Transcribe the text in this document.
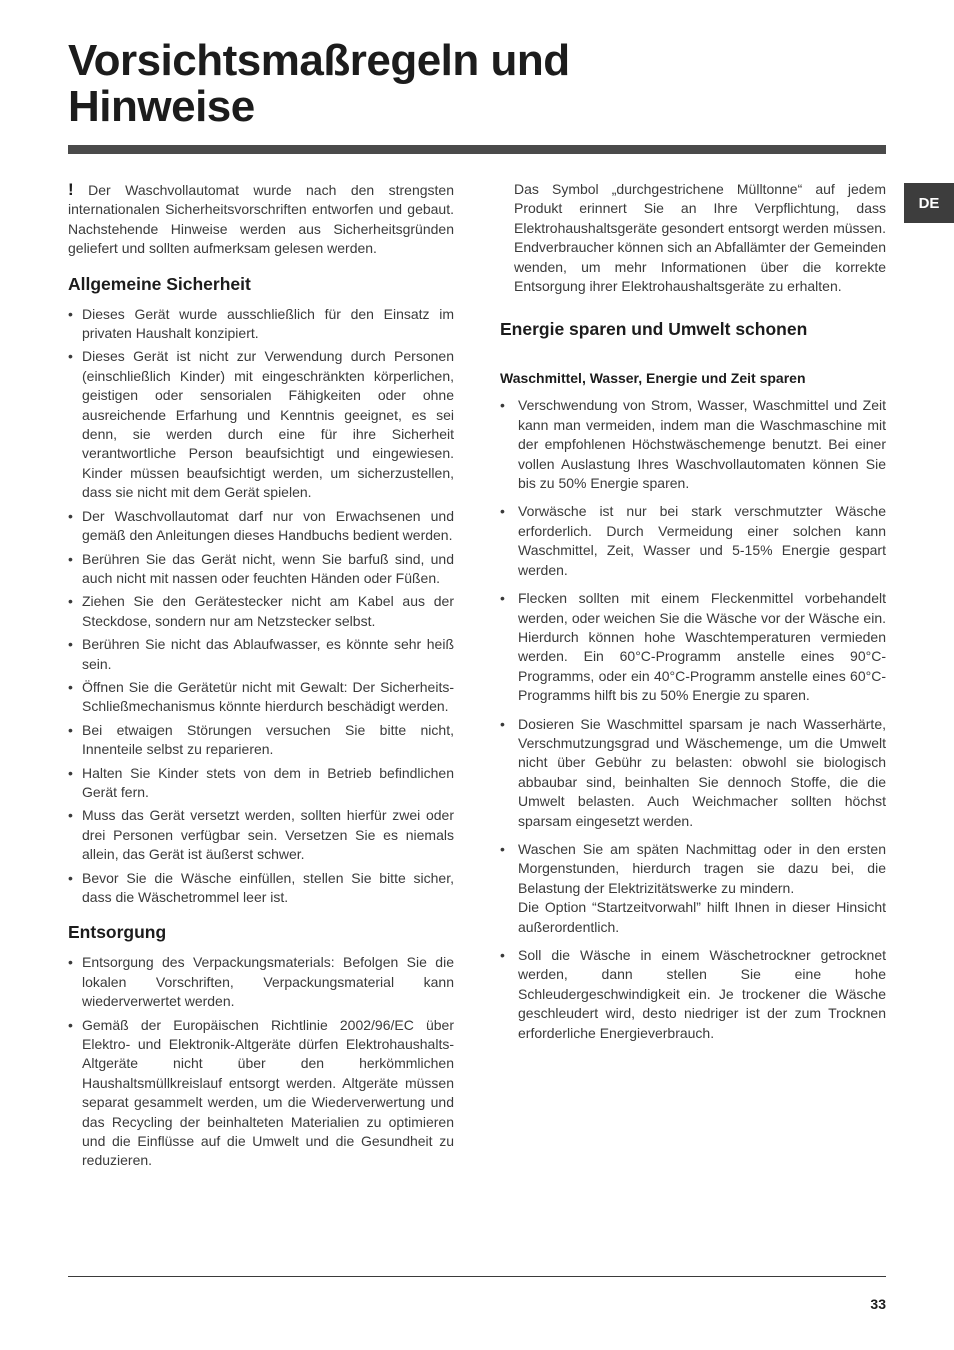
Vorsichtsmaßregeln und Hinweise
DE

! Der Waschvollautomat wurde nach den strengsten internationalen Sicherheitsvorschriften entworfen und gebaut. Nachstehende Hinweise werden aus Sicherheitsgründen geliefert und sollten aufmerksam gelesen werden.

Allgemeine Sicherheit
• Dieses Gerät wurde ausschließlich für den Einsatz im privaten Haushalt konzipiert.
• Dieses Gerät ist nicht zur Verwendung durch Personen (einschließlich Kinder) mit eingeschränkten körperlichen, geistigen oder sensorialen Fähigkeiten oder ohne ausreichende Erfarhung und Kenntnis geeignet, es sei denn, sie werden durch eine für ihre Sicherheit verantwortliche Person beaufsichtigt und eingewiesen. Kinder müssen beaufsichtigt werden, um sicherzustellen, dass sie nicht mit dem Gerät spielen.
• Der Waschvollautomat darf nur von Erwachsenen und gemäß den Anleitungen dieses Handbuchs bedient werden.
• Berühren Sie das Gerät nicht, wenn Sie barfuß sind, und auch nicht mit nassen oder feuchten Händen oder Füßen.
• Ziehen Sie den Gerätestecker nicht am Kabel aus der Steckdose, sondern nur am Netzstecker selbst.
• Berühren Sie nicht das Ablaufwasser, es könnte sehr heiß sein.
• Öffnen Sie die Gerätetür nicht mit Gewalt: Der Sicherheits-Schließmechanismus könnte hierdurch beschädigt werden.
• Bei etwaigen Störungen versuchen Sie bitte nicht, Innenteile selbst zu reparieren.
• Halten Sie Kinder stets von dem in Betrieb befindlichen Gerät fern.
• Muss das Gerät versetzt werden, sollten hierfür zwei oder drei Personen verfügbar sein. Versetzen Sie es niemals allein, das Gerät ist äußerst schwer.
• Bevor Sie die Wäsche einfüllen, stellen Sie bitte sicher, dass die Wäschetrommel leer ist.
Entsorgung
• Entsorgung des Verpackungsmaterials: Befolgen Sie die lokalen Vorschriften, Verpackungsmaterial kann wiederverwertet werden.
• Gemäß der Europäischen Richtlinie 2002/96/EC über Elektro- und Elektronik-Altgeräte dürfen Elektrohaushalts-Altgeräte nicht über den herkömmlichen Haushaltsmüllkreislauf entsorgt werden. Altgeräte müssen separat gesammelt werden, um die Wiederverwertung und das Recycling der beinhalteten Materialien zu optimieren und die Einflüsse auf die Umwelt und die Gesundheit zu reduzieren.

Das Symbol „durchgestrichene Mülltonne“ auf jedem Produkt erinnert Sie an Ihre Verpflichtung, dass Elektrohaushaltsgeräte gesondert entsorgt werden müssen. Endverbraucher können sich an Abfallämter der Gemeinden wenden, um mehr Informationen über die korrekte Entsorgung ihrer Elektrohaushaltsgeräte zu erhalten.

Energie sparen und Umwelt schonen
Waschmittel, Wasser, Energie und Zeit sparen
• Verschwendung von Strom, Wasser, Waschmittel und Zeit kann man vermeiden, indem man die Waschmaschine mit der empfohlenen Höchstwäschemenge benutzt. Bei einer vollen Auslastung Ihres Waschvollautomaten können Sie bis zu 50% Energie sparen.
• Vorwäsche ist nur bei stark verschmutzter Wäsche erforderlich. Durch Vermeidung einer solchen kann Waschmittel, Zeit, Wasser und 5-15% Energie gespart werden.
• Flecken sollten mit einem Fleckenmittel vorbehandelt werden, oder weichen Sie die Wäsche vor der Wäsche ein. Hierdurch können hohe Waschtemperaturen vermieden werden. Ein 60°C-Programm anstelle eines 90°C-Programms, oder ein 40°C-Programm anstelle eines 60°C-Programms hilft bis zu 50% Energie zu sparen.
• Dosieren Sie Waschmittel sparsam je nach Wasserhärte, Verschmutzungsgrad und Wäschemenge, um die Umwelt nicht über Gebühr zu belasten: obwohl sie biologisch abbaubar sind, beinhalten Sie dennoch Stoffe, die die Umwelt belasten. Auch Weichmacher sollten höchst sparsam eingesetzt werden.
• Waschen Sie am späten Nachmittag oder in den ersten Morgenstunden, hierdurch tragen sie dazu bei, die Belastung der Elektrizitätswerke zu mindern.
Die Option “Startzeitvorwahl” hilft Ihnen in dieser Hinsicht außerordentlich.
• Soll die Wäsche in einem Wäschetrockner getrocknet werden, dann stellen Sie eine hohe Schleudergeschwindigkeit ein. Je trockener die Wäsche geschleudert wird, desto niedriger ist der zum Trocknen erforderliche Energieverbrauch.
33
